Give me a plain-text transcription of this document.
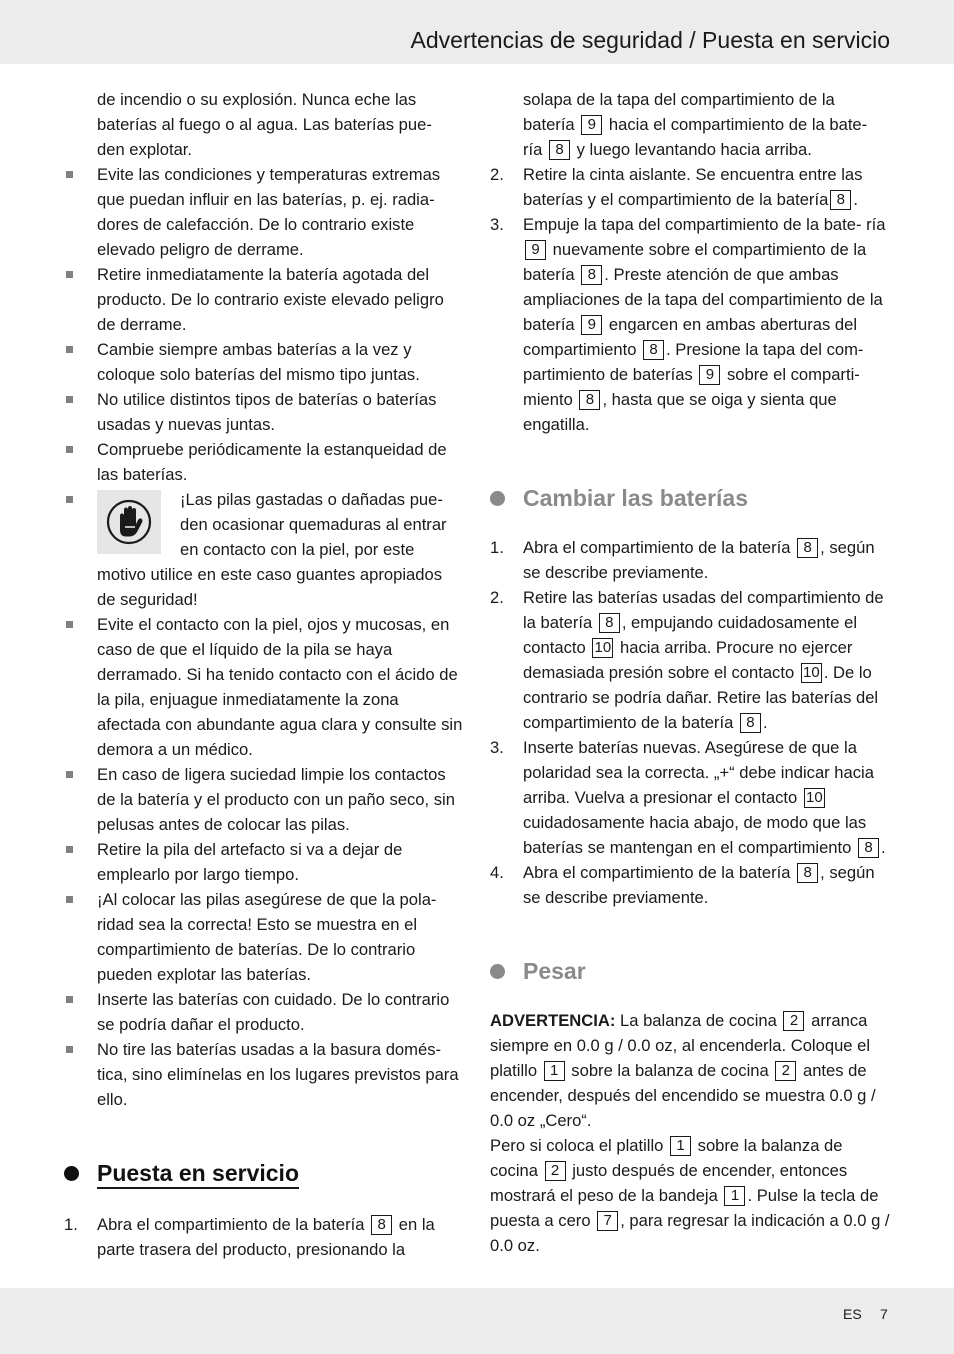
Advertencias de seguridad / Puesta en servicio

de incendio o su explosión. Nunca eche las baterías al fuego o al agua. Las baterías pue- den explotar.

Evite las condiciones y temperaturas extremas que puedan influir en las baterías, p. ej. radia- dores de calefacción. De lo contrario existe elevado peligro de derrame.
Retire inmediatamente la batería agotada del producto. De lo contrario existe elevado peligro de derrame.
Cambie siempre ambas baterías a la vez y coloque solo baterías del mismo tipo juntas.
No utilice distintos tipos de baterías o baterías usadas y nuevas juntas.
Compruebe periódicamente la estanqueidad de las baterías.
¡Las pilas gastadas o dañadas pue- den ocasionar quemaduras al entrar en contacto con la piel, por este motivo utilice en este caso guantes apropiados de seguridad!
Evite el contacto con la piel, ojos y mucosas, en caso de que el líquido de la pila se haya derramado. Si ha tenido contacto con el ácido de la pila, enjuague inmediatamente la zona afectada con abundante agua clara y consulte sin demora a un médico.
En caso de ligera suciedad limpie los contactos de la batería y el producto con un paño seco, sin pelusas antes de colocar las pilas.
Retire la pila del artefacto si va a dejar de emplearlo por largo tiempo.
¡Al colocar las pilas asegúrese de que la pola- ridad sea la correcta! Esto se muestra en el compartimiento de baterías. De lo contrario pueden explotar las baterías.
Inserte las baterías con cuidado. De lo contrario se podría dañar el producto.
No tire las baterías usadas a la basura domés- tica, sino elimínelas en los lugares previstos para ello.
Puesta en servicio
1. Abra el compartimiento de la batería 8 en la parte trasera del producto, presionando la
solapa de la tapa del compartimiento de la batería 9 hacia el compartimiento de la bate- ría 8 y luego levantando hacia arriba.
2. Retire la cinta aislante. Se encuentra entre las baterías y el compartimiento de la batería 8 .
3. Empuje la tapa del compartimiento de la bate- ría 9 nuevamente sobre el compartimiento de la batería 8 . Preste atención de que ambas ampliaciones de la tapa del compartimiento de la batería 9 engarcen en ambas aberturas del compartimiento 8 . Presione la tapa del com- partimiento de baterías 9 sobre el comparti- miento 8 , hasta que se oiga y sienta que engatilla.
Cambiar las baterías
1. Abra el compartimiento de la batería 8 , según se describe previamente.
2. Retire las baterías usadas del compartimiento de la batería 8 , empujando cuidadosamente el contacto 10 hacia arriba. Procure no ejercer demasiada presión sobre el contacto 10 . De lo contrario se podría dañar. Retire las baterías del compartimiento de la batería 8 .
3. Inserte baterías nuevas. Asegúrese de que la polaridad sea la correcta. „+“ debe indicar hacia arriba. Vuelva a presionar el contacto 10 cuidadosamente hacia abajo, de modo que las baterías se mantengan en el compartimiento 8 .
4. Abra el compartimiento de la batería 8 , según se describe previamente.
Pesar

ADVERTENCIA: La balanza de cocina 2 arranca siempre en 0.0 g / 0.0 oz, al encenderla. Coloque el platillo 1 sobre la balanza de cocina 2 antes de encender, después del encendido se muestra 0.0 g / 0.0 oz „Cero“.

Pero si coloca el platillo 1 sobre la balanza de cocina 2 justo después de encender, entonces mostrará el peso de la bandeja 1 . Pulse la tecla de puesta a cero 7 , para regresar la indicación a 0.0 g / 0.0 oz.

ES 7
